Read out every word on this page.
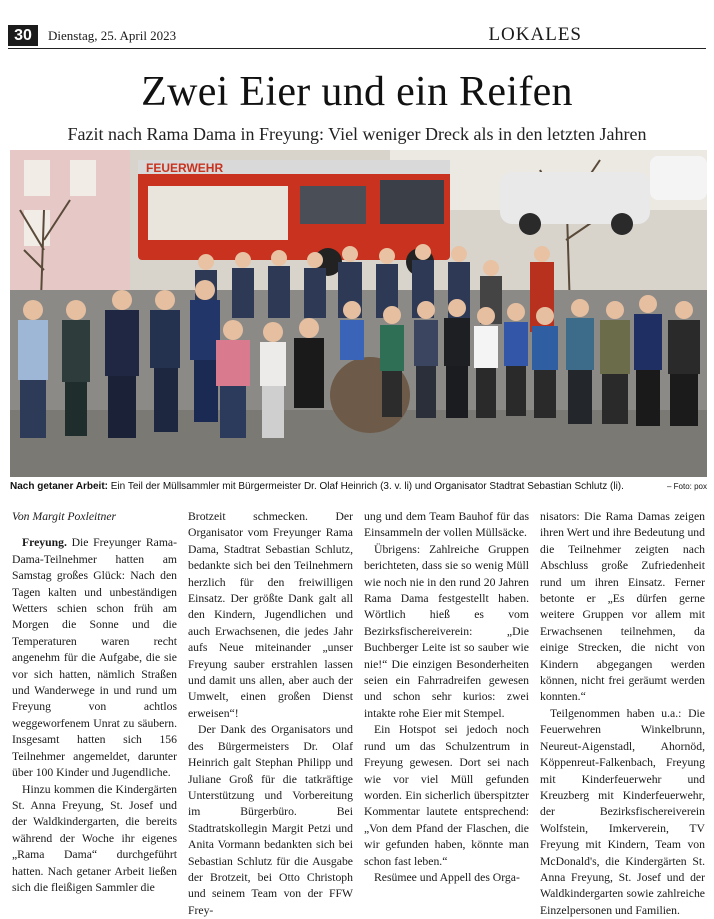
30	Dienstag, 25. April 2023	LOKALES
Zwei Eier und ein Reifen
Fazit nach Rama Dama in Freyung: Viel weniger Dreck als in den letzten Jahren
FEUERWEHR
Nach getaner Arbeit: Ein Teil der Müllsammler mit Bürgermeister Dr. Olaf Heinrich (3. v. li) und Organisator Stadtrat Sebastian Schlutz (li).	– Foto: pox

Von Margit Poxleitner

Freyung. Die Freyunger Rama-Dama-Teilnehmer hatten am Samstag großes Glück: Nach den Tagen kalten und unbeständigen Wetters schien schon früh am Morgen die Sonne und die Temperaturen waren recht angenehm für die Aufgabe, die sie vor sich hatten, nämlich Straßen und Wanderwege in und rund um Freyung von achtlos weggeworfenem Unrat zu säubern. Insgesamt hatten sich 156 Teilnehmer angemeldet, darunter über 100 Kinder und Jugendliche.

Hinzu kommen die Kindergärten St. Anna Freyung, St. Josef und der Waldkindergarten, die bereits während der Woche ihr eigenes „Rama Dama“ durchgeführt hatten. Nach getaner Arbeit ließen sich die fleißigen Sammler die

Brotzeit schmecken. Der Organisator vom Freyunger Rama Dama, Stadtrat Sebastian Schlutz, bedankte sich bei den Teilnehmern herzlich für den freiwilligen Einsatz. Der größte Dank galt all den Kindern, Jugendlichen und auch Erwachsenen, die jedes Jahr aufs Neue miteinander „unser Freyung sauber erstrahlen lassen und damit uns allen, aber auch der Umwelt, einen großen Dienst erweisen“!

Der Dank des Organisators und des Bürgermeisters Dr. Olaf Heinrich galt Stephan Philipp und Juliane Groß für die tatkräftige Unterstützung und Vorbereitung im Bürgerbüro. Bei Stadtratskollegin Margit Petzi und Anita Vormann bedankten sich bei Sebastian Schlutz für die Ausgabe der Brotzeit, bei Otto Christoph und seinem Team von der FFW Frey-

ung und dem Team Bauhof für das Einsammeln der vollen Müllsäcke.

Übrigens: Zahlreiche Gruppen berichteten, dass sie so wenig Müll wie noch nie in den rund 20 Jahren Rama Dama festgestellt haben. Wörtlich hieß es vom Bezirksfischereiverein: „Die Buchberger Leite ist so sauber wie nie!“ Die einzigen Besonderheiten seien ein Fahrradreifen gewesen und schon sehr kurios: zwei intakte rohe Eier mit Stempel.

Ein Hotspot sei jedoch noch rund um das Schulzentrum in Freyung gewesen. Dort sei nach wie vor viel Müll gefunden worden. Ein sicherlich überspitzter Kommentar lautete entsprechend: „Von dem Pfand der Flaschen, die wir gefunden haben, könnte man schon fast leben.“

Resümee und Appell des Orga-

nisators: Die Rama Damas zeigen ihren Wert und ihre Bedeutung und die Teilnehmer zeigten nach Abschluss große Zufriedenheit rund um ihren Einsatz. Ferner betonte er „Es dürfen gerne weitere Gruppen vor allem mit Erwachsenen teilnehmen, da einige Strecken, die nicht von Kindern abgegangen werden können, nicht frei geräumt werden konnten.“

Teilgenommen haben u.a.: Die Feuerwehren Winkelbrunn, Neureut-Aigenstadl, Ahornöd, Köppenreut-Falkenbach, Freyung mit Kinderfeuerwehr und Kreuzberg mit Kinderfeuerwehr, der Bezirksfischereiverein Wolfstein, Imkerverein, TV Freyung mit Kindern, Team von McDonald's, die Kindergärten St. Anna Freyung, St. Josef und der Waldkindergarten sowie zahlreiche Einzelpersonen und Familien.
